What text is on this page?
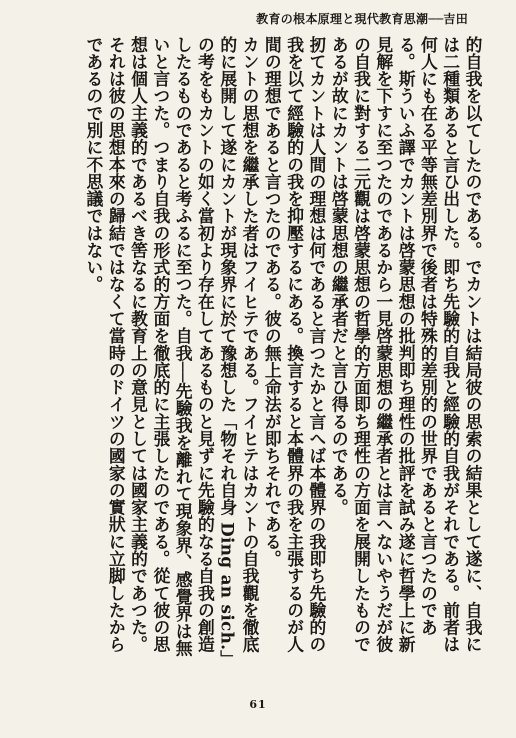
教育の根本原理と現代教育思潮──吉田

的自我を以てしたのである。でカントは結局彼の思索の結果として遂に、自我には二種類あると言ひ出した。即ち先驗的自我と經驗的自我がそれである。前者は何人にも在る平等無差別界で後者は特殊的差別的の世界であると言つたのである。斯ういふ譯でカントは啓蒙思想の批判即ち理性の批評を試み遂に哲學上に新見解を下すに至つたのであるから一見啓蒙思想の繼承者とは言へないやうだが彼の自我に對する二元觀は啓蒙思想の哲學的方面即ち理性の方面を展開したものであるが故にカントは啓蒙思想の繼承者だと言ひ得るのである。

扨てカントは人間の理想は何であると言つたかと言へば本體界の我即ち先驗的の我を以て經驗的の我を抑壓するにある。換言すると本體界の我を主張するのが人間の理想であると言つたのである。彼の無上命法が即ちそれである。

カントの思想を繼承した者はフイヒテである。フイヒテはカントの自我觀を徹底的に展開して遂にカントが現象界に於て豫想した「物それ自身 Ding an sich.」の考をもカントの如く當初より存在してあるものと見ずに先驗的なる自我の創造したるものであると考ふるに至つた。自我──先驗我を離れて現象界、感覺界は無いと言つた。つまり自我の形式的方面を徹底的に主張したのである。從て彼の思想は個人主義的であるべき筈なるに教育上の意見としては國家主義的であつた。それは彼の思想本來の歸結ではなくて當時のドイツの國家の實狀に立脚したからであるので別に不思議ではない。

61
